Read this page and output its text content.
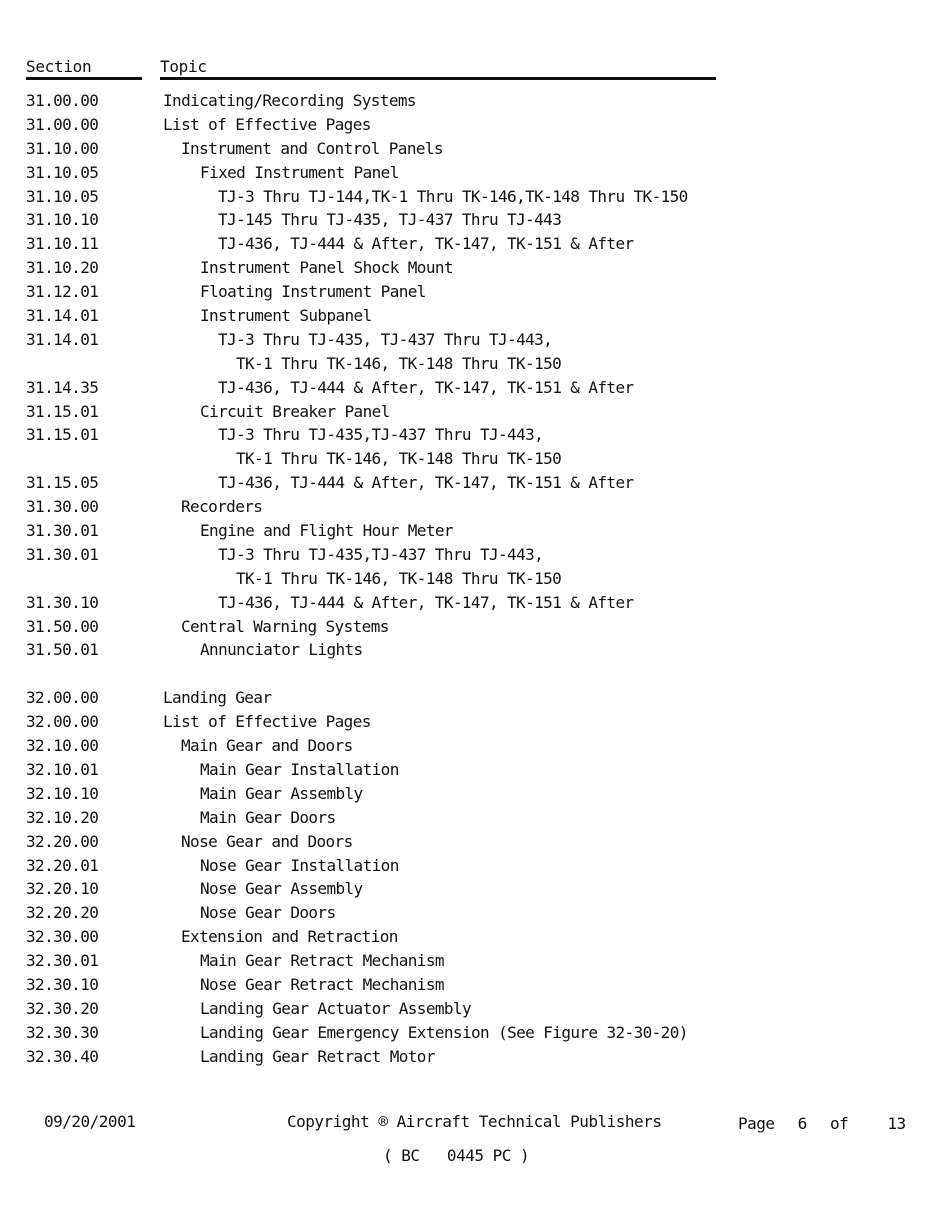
Section	Topic
31.00.00	Indicating/Recording Systems
31.00.00	List of Effective Pages
31.10.00	Instrument and Control Panels
31.10.05	Fixed Instrument Panel
31.10.05	TJ-3 Thru TJ-144,TK-1 Thru TK-146,TK-148 Thru TK-150
31.10.10	TJ-145 Thru TJ-435, TJ-437 Thru TJ-443
31.10.11	TJ-436, TJ-444 & After, TK-147, TK-151 & After
31.10.20	Instrument Panel Shock Mount
31.12.01	Floating Instrument Panel
31.14.01	Instrument Subpanel
31.14.01	TJ-3 Thru TJ-435, TJ-437 Thru TJ-443,
TK-1 Thru TK-146, TK-148 Thru TK-150
31.14.35	TJ-436, TJ-444 & After, TK-147, TK-151 & After
31.15.01	Circuit Breaker Panel
31.15.01	TJ-3 Thru TJ-435,TJ-437 Thru TJ-443,
TK-1 Thru TK-146, TK-148 Thru TK-150
31.15.05	TJ-436, TJ-444 & After, TK-147, TK-151 & After
31.30.00	Recorders
31.30.01	Engine and Flight Hour Meter
31.30.01	TJ-3 Thru TJ-435,TJ-437 Thru TJ-443,
TK-1 Thru TK-146, TK-148 Thru TK-150
31.30.10	TJ-436, TJ-444 & After, TK-147, TK-151 & After
31.50.00	Central Warning Systems
31.50.01	Annunciator Lights
32.00.00	Landing Gear
32.00.00	List of Effective Pages
32.10.00	Main Gear and Doors
32.10.01	Main Gear Installation
32.10.10	Main Gear Assembly
32.10.20	Main Gear Doors
32.20.00	Nose Gear and Doors
32.20.01	Nose Gear Installation
32.20.10	Nose Gear Assembly
32.20.20	Nose Gear Doors
32.30.00	Extension and Retraction
32.30.01	Main Gear Retract Mechanism
32.30.10	Nose Gear Retract Mechanism
32.30.20	Landing Gear Actuator Assembly
32.30.30	Landing Gear Emergency Extension (See Figure 32-30-20)
32.30.40	Landing Gear Retract Motor
09/20/2001	Copyright ® Aircraft Technical Publishers	Page 6 of 13
( BC   0445 PC )
